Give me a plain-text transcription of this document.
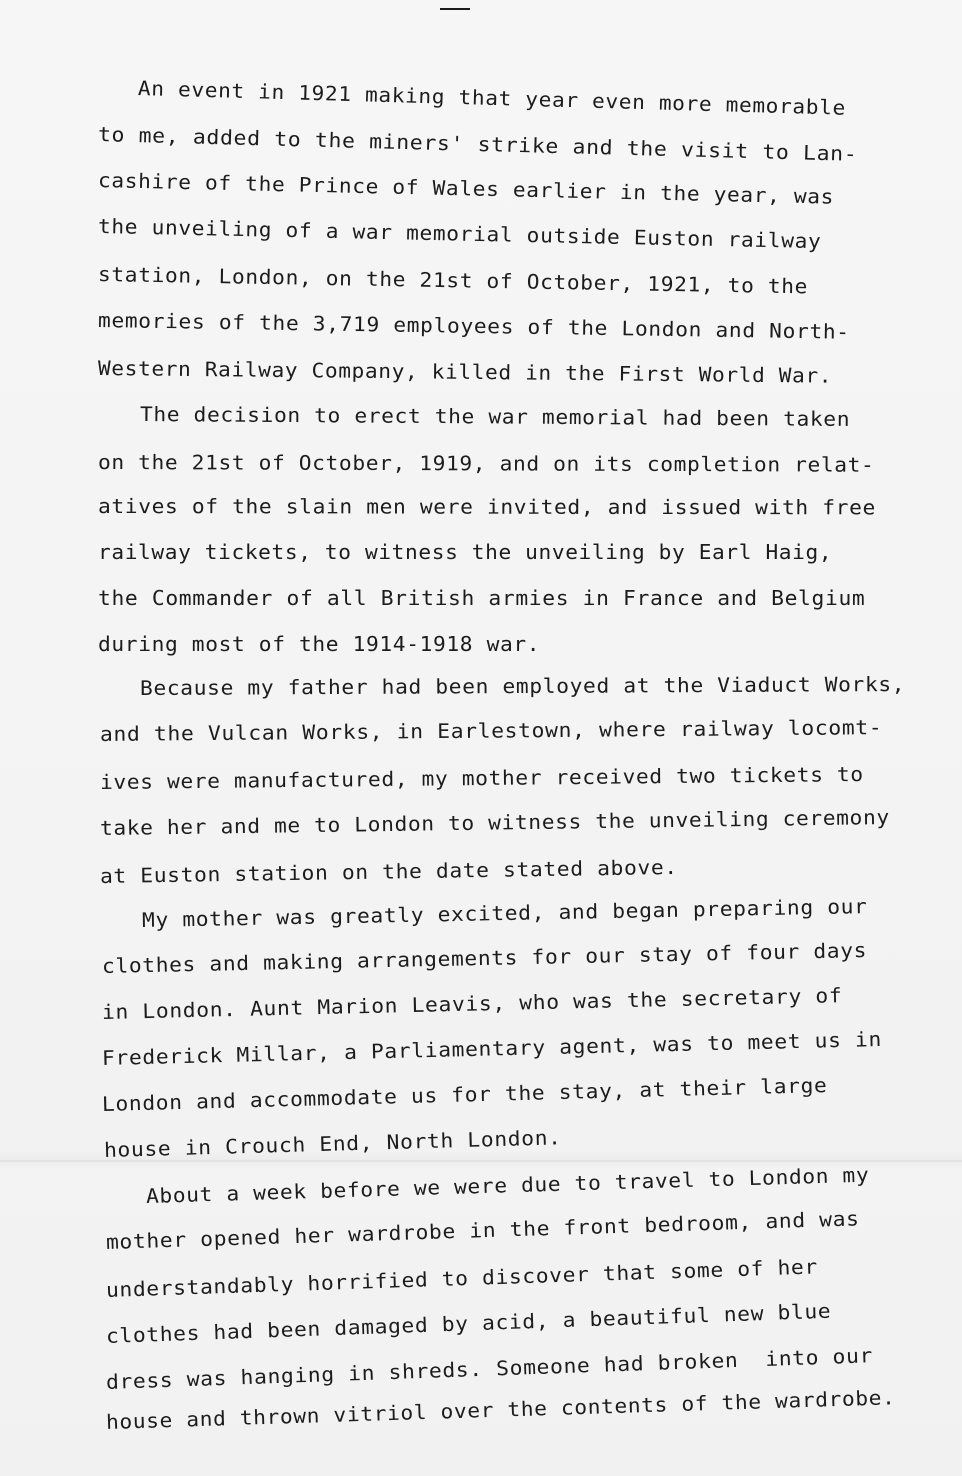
An event in 1921 making that year even more memorable
to me, added to the miners' strike and the visit to Lan-
cashire of the Prince of Wales earlier in the year, was
the unveiling of a war memorial outside Euston railway
station, London, on the 21st of October, 1921, to the
memories of the 3,719 employees of the London and North-
Western Railway Company, killed in the First World War.
The decision to erect the war memorial had been taken
on the 21st of October, 1919, and on its completion relat-
atives of the slain men were invited, and issued with free
railway tickets, to witness the unveiling by Earl Haig,
the Commander of all British armies in France and Belgium
during most of the 1914-1918 war.
Because my father had been employed at the Viaduct Works,
and the Vulcan Works, in Earlestown, where railway locomt-
ives were manufactured, my mother received two tickets to
take her and me to London to witness the unveiling ceremony
at Euston station on the date stated above.
My mother was greatly excited, and began preparing our
clothes and making arrangements for our stay of four days
in London. Aunt Marion Leavis, who was the secretary of
Frederick Millar, a Parliamentary agent, was to meet us in
London and accommodate us for the stay, at their large
house in Crouch End, North London.
About a week before we were due to travel to London my
mother opened her wardrobe in the front bedroom, and was
understandably horrified to discover that some of her
clothes had been damaged by acid, a beautiful new blue
dress was hanging in shreds. Someone had broken  into our
house and thrown vitriol over the contents of the wardrobe.
